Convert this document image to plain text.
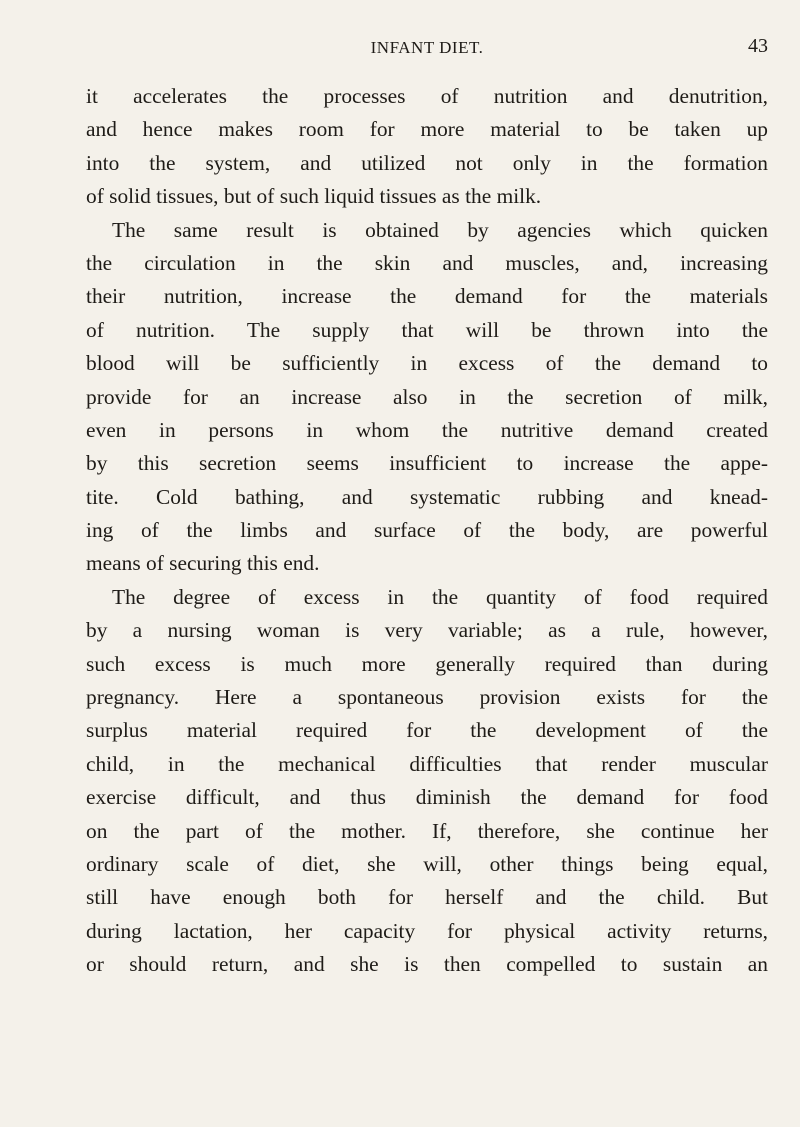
INFANT DIET.	43
it accelerates the processes of nutrition and denutrition,
and hence makes room for more material to be taken up
into the system, and utilized not only in the formation
of solid tissues, but of such liquid tissues as the milk.
The same result is obtained by agencies which quicken
the circulation in the skin and muscles, and, increasing
their nutrition, increase the demand for the materials
of nutrition. The supply that will be thrown into the
blood will be sufficiently in excess of the demand to
provide for an increase also in the secretion of milk,
even in persons in whom the nutritive demand created
by this secretion seems insufficient to increase the appe-
tite. Cold bathing, and systematic rubbing and knead-
ing of the limbs and surface of the body, are powerful
means of securing this end.
The degree of excess in the quantity of food required
by a nursing woman is very variable; as a rule, however,
such excess is much more generally required than during
pregnancy. Here a spontaneous provision exists for the
surplus material required for the development of the
child, in the mechanical difficulties that render muscular
exercise difficult, and thus diminish the demand for food
on the part of the mother. If, therefore, she continue her
ordinary scale of diet, she will, other things being equal,
still have enough both for herself and the child. But
during lactation, her capacity for physical activity returns,
or should return, and she is then compelled to sustain an
